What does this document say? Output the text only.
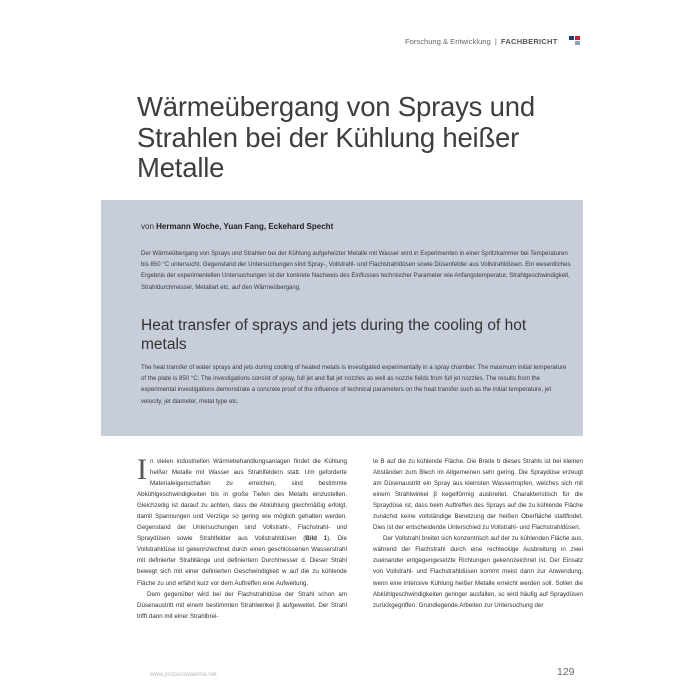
Forschung & Entwicklung | FACHBERICHT
Wärmeübergang von Sprays und Strahlen bei der Kühlung heißer Metalle
von Hermann Woche, Yuan Fang, Eckehard Specht
Der Wärmeübergang von Sprays und Strahlen bei der Kühlung aufgeheizter Metalle mit Wasser wird in Experimenten in einer Spritzkammer bei Temperaturen bis 850 °C untersucht. Gegenstand der Untersuchungen sind Spray-, Vollstrahl- und Flachstrahldüsen sowie Düsenfelder aus Vollstrahldüsen. Ein wesentliches Ergebnis der experimentellen Untersuchungen ist der konkrete Nachweis des Einflusses technischer Parameter wie Anfangstemperatur, Strahlgeschwindigkeit, Strahldurchmesser, Metallart etc. auf den Wärmeübergang.
Heat transfer of sprays and jets during the cooling of hot metals
The heat transfer of water sprays and jets during cooling of heated metals is investigated experimentally in a spray chamber. The maximum initial temperature of the plate is 850 °C. The investigations consist of spray, full jet and flat jet nozzles as well as nozzle fields from full jet nozzles. The results from the experimental investigations demonstrate a concrete proof of the influence of technical parameters on the heat transfer such as the initial temperature, jet velocity, jet diameter, metal type etc.

In vielen industriellen Wärmebehandlungsanlagen findet die Kühlung heißer Metalle mit Wasser aus Strahlfeldern statt. Um geforderte Materialeigenschaften zu erreichen, sind bestimmte Abkühlgeschwindigkeiten bis in große Tiefen des Metalls einzustellen. Gleichzeitig ist darauf zu achten, dass die Abkühlung gleichmäßig erfolgt, damit Spannungen und Verzüge so gering wie möglich gehalten werden. Gegenstand der Untersuchungen sind Vollstrahl-, Flachstrahl- und Spraydüsen sowie Strahlfelder aus Vollstrahldüsen (Bild 1). Die Vollstrahldüse ist gekennzeichnet durch einen geschlossenen Wasserstrahl mit definierter Strahllänge und definiertem Durchmesser d. Dieser Strahl bewegt sich mit einer definierten Geschwindigkeit w auf die zu kühlende Fläche zu und erfährt kurz vor dem Auftreffen eine Aufweitung.

Dem gegenüber wird bei der Flachstrahldüse der Strahl schon am Düsenaustritt mit einem bestimmten Strahlwinkel β aufgeweitet. Der Strahl trifft dann mit einer Strahlbrei-

te B auf die zu kühlende Fläche. Die Breite b dieses Strahls ist bei kleinen Abständen zum Blech im Allgemeinen sehr gering. Die Spraydüse erzeugt am Düsenaustritt ein Spray aus kleinsten Wassertropfen, welches sich mit einem Strahlwinkel β kegelförmig ausbreitet. Charakteristisch für die Spraydüse ist, dass beim Auftreffen des Sprays auf die zu kühlende Fläche zunächst keine vollständige Benetzung der heißen Oberfläche stattfindet. Dies ist der entscheidende Unterschied zu Vollstrahl- und Flachstrahldüsen.

Der Vollstrahl breitet sich konzentrisch auf der zu kühlenden Fläche aus, während der Flachstrahl durch eine rechteckige Ausbreitung in zwei zueinander entgegengesetzte Richtungen gekennzeichnet ist. Der Einsatz von Vollstrahl- und Flachstrahldüsen kommt meist dann zur Anwendung, wenn eine intensive Kühlung heißer Metalle erreicht werden soll. Sollen die Abkühlgeschwindigkeiten geringer ausfallen, so wird häufig auf Spraydüsen zurückgegriffen. Grundlegende Arbeiten zur Untersuchung der

www.prozesswaerme.net	129
